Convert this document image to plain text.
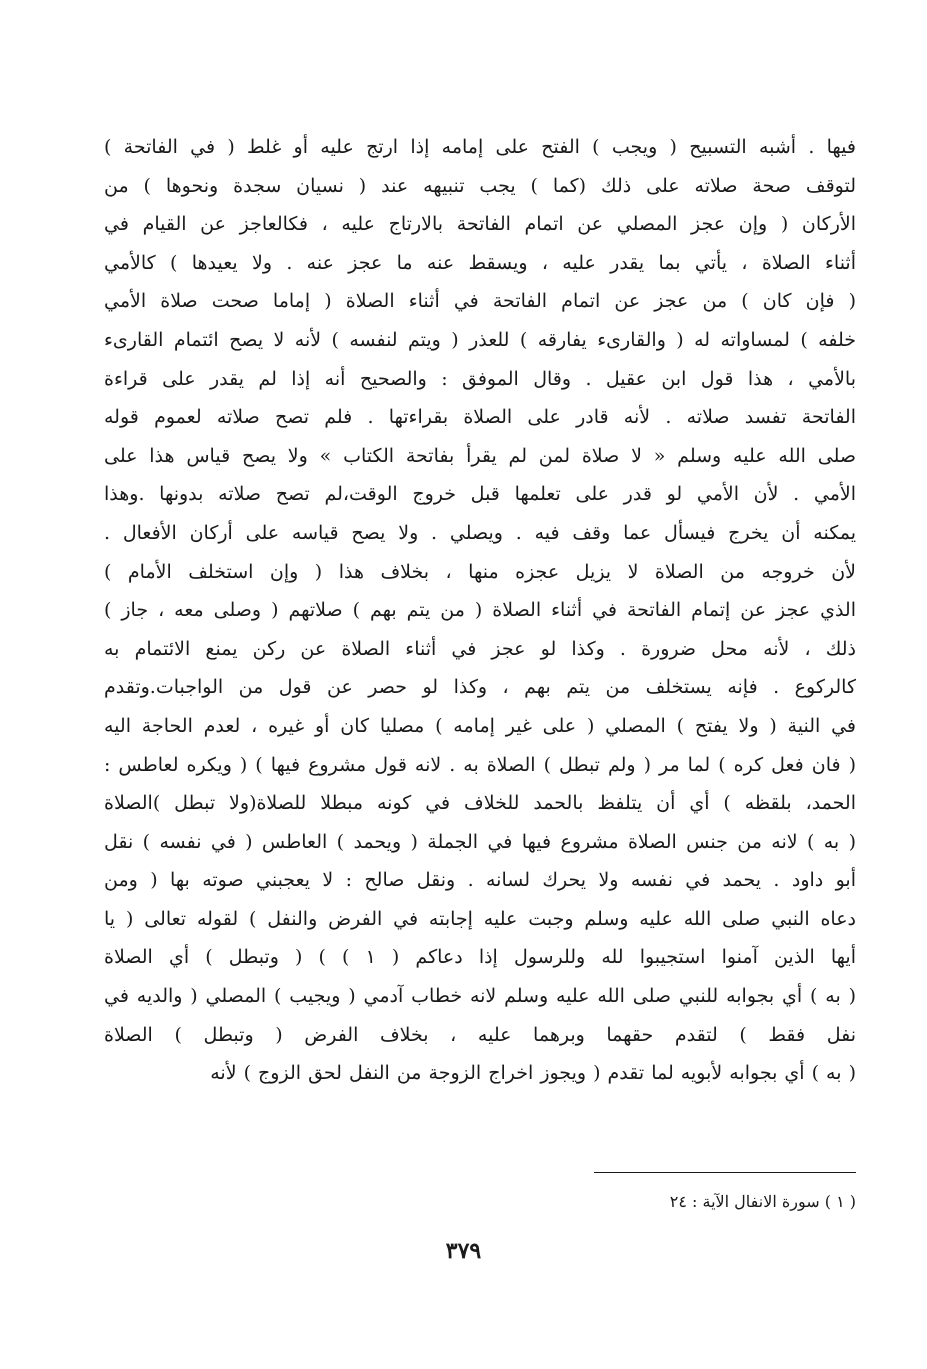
فيها . أشبه التسبيح ( ويجب ) الفتح على إمامه إذا ارتج عليه أو غلط ( في الفاتحة )
لتوقف صحة صلاته على ذلك (كما ) يجب تنبيهه عند ( نسيان سجدة ونحوها ) من
الأركان ( وإن عجز المصلي عن اتمام الفاتحة بالارتاج عليه ، فكالعاجز عن القيام في
أثناء الصلاة ، يأتي بما يقدر عليه ، ويسقط عنه ما عجز عنه . ولا يعيدها ) كالأمي
( فإن كان ) من عجز عن اتمام الفاتحة في أثناء الصلاة ( إماما صحت صلاة الأمي
خلفه ) لمساواته له ( والقارىء يفارقه ) للعذر ( ويتم لنفسه ) لأنه لا يصح ائتمام القارىء
بالأمي ، هذا قول ابن عقيل . وقال الموفق : والصحيح أنه إذا لم يقدر على قراءة
الفاتحة تفسد صلاته . لأنه قادر على الصلاة بقراءتها . فلم تصح صلاته لعموم قوله
صلى الله عليه وسلم « لا صلاة لمن لم يقرأ بفاتحة الكتاب » ولا يصح قياس هذا على
الأمي . لأن الأمي لو قدر على تعلمها قبل خروج الوقت،لم تصح صلاته بدونها .وهذا
يمكنه أن يخرج فيسأل عما وقف فيه . ويصلي . ولا يصح قياسه على أركان الأفعال .
لأن خروجه من الصلاة لا يزيل عجزه منها ، بخلاف هذا ( وإن استخلف الأمام )
الذي عجز عن إتمام الفاتحة في أثناء الصلاة ( من يتم بهم ) صلاتهم ( وصلى معه ، جاز )
ذلك ، لأنه محل ضرورة . وكذا لو عجز في أثناء الصلاة عن ركن يمنع الائتمام به
كالركوع . فإنه يستخلف من يتم بهم ، وكذا لو حصر عن قول من الواجبات.وتقدم
في النية ( ولا يفتح ) المصلي ( على غير إمامه ) مصليا كان أو غيره ، لعدم الحاجة اليه
( فان فعل كره ) لما مر ( ولم تبطل ) الصلاة به . لانه قول مشروع فيها ) ( ويكره لعاطس :
الحمد، بلقظه ) أي أن يتلفظ بالحمد للخلاف في كونه مبطلا للصلاة(ولا تبطل )الصلاة
( به ) لانه من جنس الصلاة مشروع فيها في الجملة ( ويحمد ) العاطس ( في نفسه ) نقل
أبو داود . يحمد في نفسه ولا يحرك لسانه . ونقل صالح : لا يعجبني صوته بها ( ومن
دعاه النبي صلى الله عليه وسلم وجبت عليه إجابته في الفرض والنفل ) لقوله تعالى ( يا
أيها الذين آمنوا استجيبوا لله وللرسول إذا دعاكم ( ١ ) ) ( وتبطل ) أي الصلاة
( به ) أي بجوابه للنبي صلى الله عليه وسلم لانه خطاب آدمي ( ويجيب ) المصلي ( والديه في
نفل فقط ) لتقدم حقهما وبرهما عليه ، بخلاف الفرض ( وتبطل ) الصلاة
( به ) أي بجوابه لأبويه لما تقدم ( ويجوز اخراج الزوجة من النفل لحق الزوج ) لأنه
( ١ ) سورة الانفال الآية : ٢٤
٣٧٩
